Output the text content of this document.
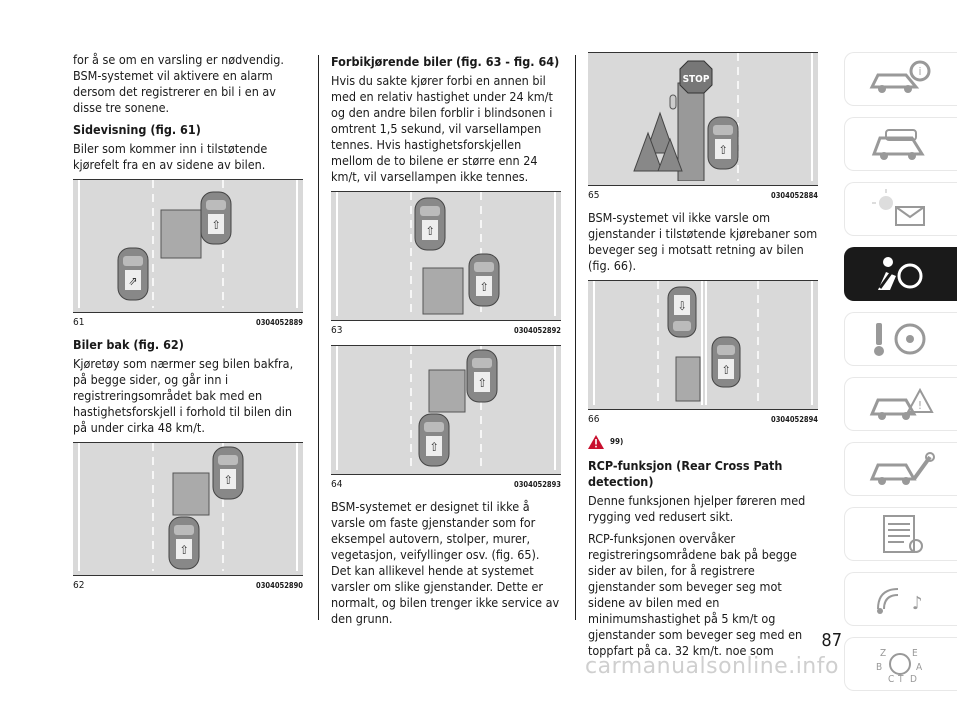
for å se om en varsling er nødvendig. BSM-systemet vil aktivere en alarm dersom det registrerer en bil i en av disse tre sonene.

Sidevisning (fig. 61)

Biler som kommer inn i tilstøtende kjørefelt fra en av sidene av bilen.

⇧
⇗
61	0304052889
Biler bak (fig. 62)

Kjøretøy som nærmer seg bilen bakfra, på begge sider, og går inn i registreringsområdet bak med en hastighetsforskjell i forhold til bilen din på under cirka 48 km/t.

⇧
⇧
62	0304052890
Forbikjørende biler (fig. 63 - fig. 64)

Hvis du sakte kjører forbi en annen bil med en relativ hastighet under 24 km/t og den andre bilen forblir i blindsonen i omtrent 1,5 sekund, vil varsellampen tennes. Hvis hastighetsforskjellen mellom de to bilene er større enn 24 km/t, vil varsellampen ikke tennes.

⇧
⇧
63	0304052892
⇧
⇧
64	0304052893

BSM-systemet er designet til ikke å varsle om faste gjenstander som for eksempel autovern, stolper, murer, vegetasjon, veifyllinger osv. (fig. 65). Det kan allikevel hende at systemet varsler om slike gjenstander. Dette er normalt, og bilen trenger ikke service av den grunn.

STOP
⇧
65	0304052884

BSM-systemet vil ikke varsle om gjenstander i tilstøtende kjørebaner som beveger seg i motsatt retning av bilen (fig. 66).

⇩
⇧
66	0304052894
99)
RCP-funksjon (Rear Cross Path detection)

Denne funksjonen hjelper føreren med rygging ved redusert sikt.

RCP-funksjonen overvåker registreringsområdene bak på begge sider av bilen, for å registrere gjenstander som beveger seg mot sidene av bilen med en minimumshastighet på 5 km/t og gjenstander som beveger seg med en toppfart på ca. 32 km/t. noe som

i
!
♪
Z	E
B	A
C T D
87
carmanualsonline.info
